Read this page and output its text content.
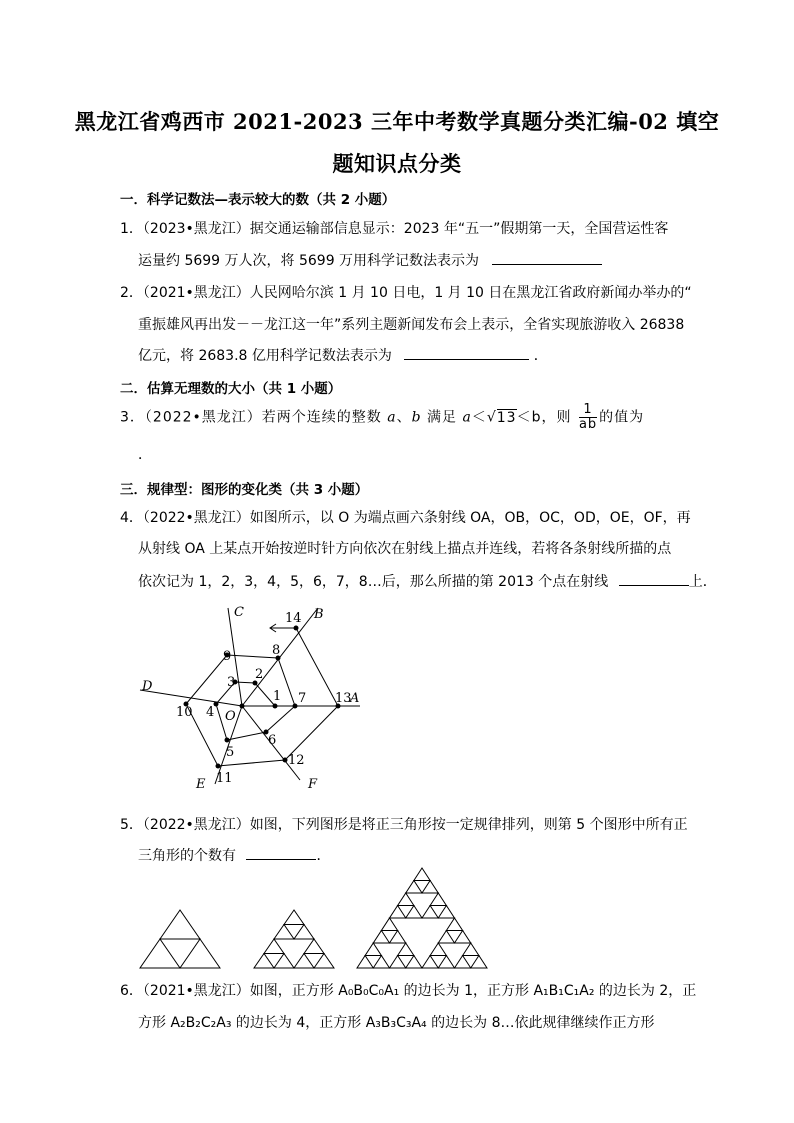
黑龙江省鸡西市 2021-2023 三年中考数学真题分类汇编-02 填空
题知识点分类
一．科学记数法—表示较大的数（共 2 小题）
1．（2023•黑龙江）据交通运输部信息显示：2023 年“五一”假期第一天，全国营运性客
运量约 5699 万人次，将 5699 万用科学记数法表示为
2．（2021•黑龙江）人民网哈尔滨 1 月 10 日电，1 月 10 日在黑龙江省政府新闻办举办的“
重振雄风再出发－－龙江这一年”系列主题新闻发布会上表示，全省实现旅游收入 26838
亿元，将 2683.8 亿用科学记数法表示为	．
二．估算无理数的大小（共 1 小题）
3．（2022•黑龙江）若两个连续的整数 a、b 满足 a＜√13＜b，则 $\frac{1}{ab}$ 的值为
．
三．规律型：图形的变化类（共 3 小题）
4．（2022•黑龙江）如图所示，以 O 为端点画六条射线 OA，OB，OC，OD，OE，OF，再
从射线 OA 上某点开始按逆时针方向依次在射线上描点并连线，若将各条射线所描的点
依次记为 1，2，3，4，5，6，7，8…后，那么所描的第 2013 个点在射线	上．
C	B
D
A
E	F
O
1
2
3
4
5
6
7
8
9
10
11
12
13
14
5．（2022•黑龙江）如图，下列图形是将正三角形按一定规律排列，则第 5 个图形中所有正
三角形的个数有	．
6．（2021•黑龙江）如图，正方形 A₀B₀C₀A₁ 的边长为 1，正方形 A₁B₁C₁A₂ 的边长为 2，正
方形 A₂B₂C₂A₃ 的边长为 4，正方形 A₃B₃C₃A₄ 的边长为 8…依此规律继续作正方形
